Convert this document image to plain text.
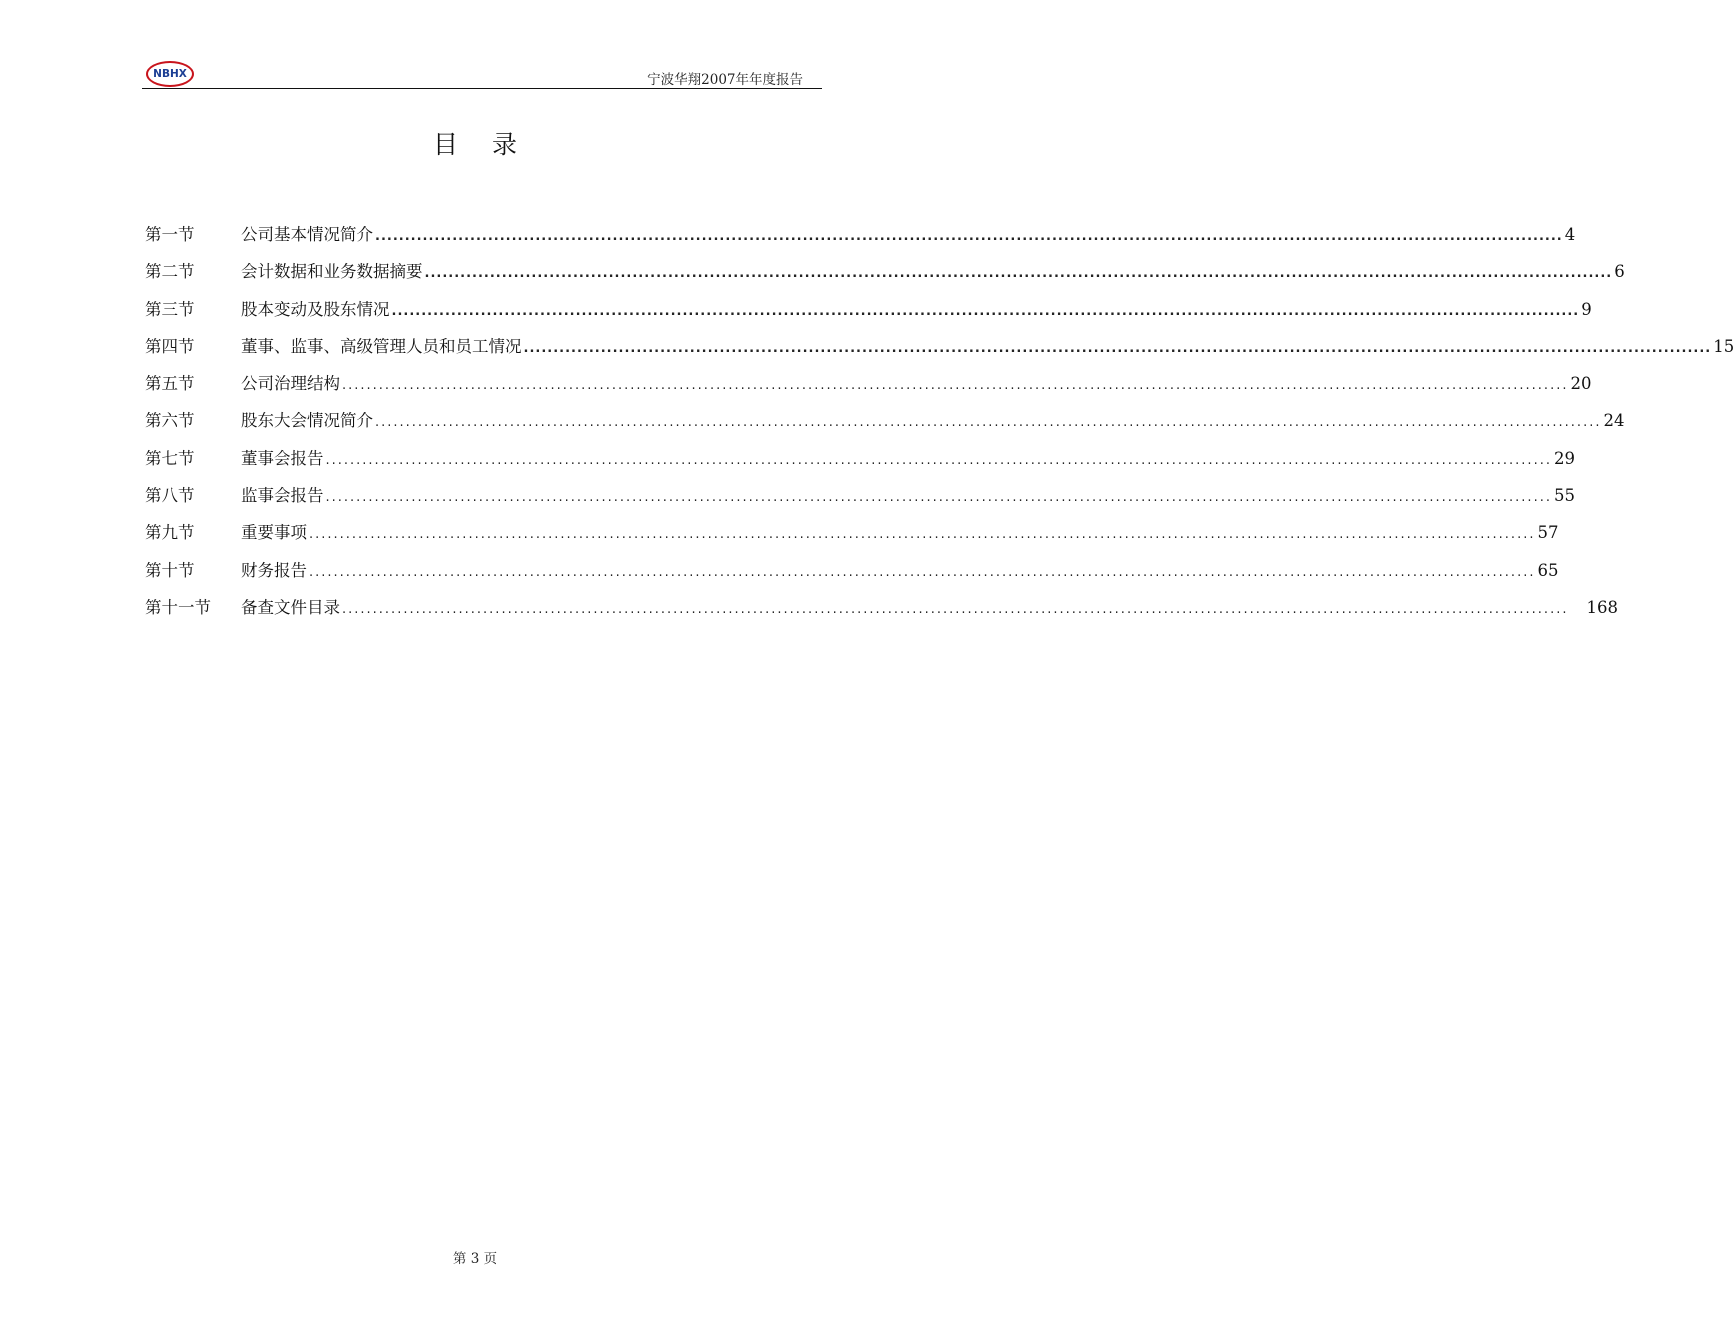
NBHX	宁波华翔2007年年度报告
目录
第一节	公司基本情况简介 ........................................................................................................................................................................................................ 4
第二节	会计数据和业务数据摘要 ........................................................................................................................................................................................................ 6
第三节	股本变动及股东情况 ........................................................................................................................................................................................................ 9
第四节	董事、监事、高级管理人员和员工情况 ........................................................................................................................................................................................................ 15
第五节	公司治理结构 ........................................................................................................................................................................................................ 20
第六节	股东大会情况简介 ........................................................................................................................................................................................................ 24
第七节	董事会报告 ........................................................................................................................................................................................................ 29
第八节	监事会报告 ........................................................................................................................................................................................................ 55
第九节	重要事项 ........................................................................................................................................................................................................ 57
第十节	财务报告 ........................................................................................................................................................................................................ 65
第十一节	备查文件目录 ........................................................................................................................................................................................................ 168
第 3 页
